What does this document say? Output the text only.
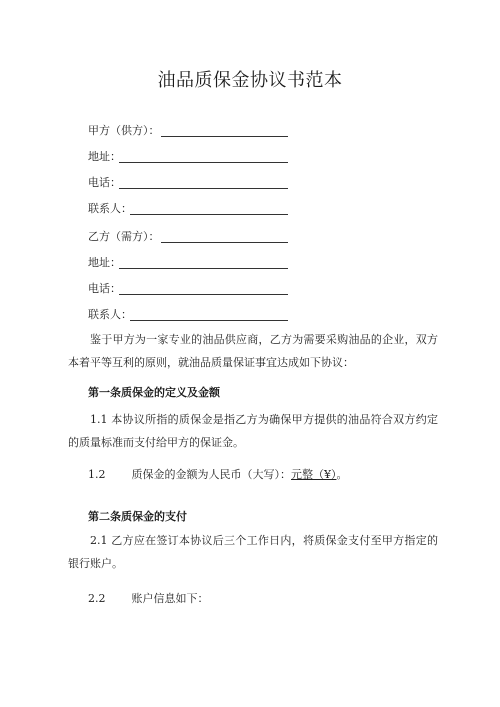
油品质保金协议书范本
甲方（供方）：
地址：
电话：
联系人：
乙方（需方）：
地址：
电话：
联系人：
鉴于甲方为一家专业的油品供应商，乙方为需要采购油品的企业，双方本着平等互利的原则，就油品质量保证事宜达成如下协议：
第一条质保金的定义及金额
1.1 本协议所指的质保金是指乙方为确保甲方提供的油品符合双方约定的质量标准而支付给甲方的保证金。
1.2 质保金的金额为人民币（大写）：元整（¥）。
第二条质保金的支付
2.1 乙方应在签订本协议后三个工作日内，将质保金支付至甲方指定的银行账户。
2.2 账户信息如下：
